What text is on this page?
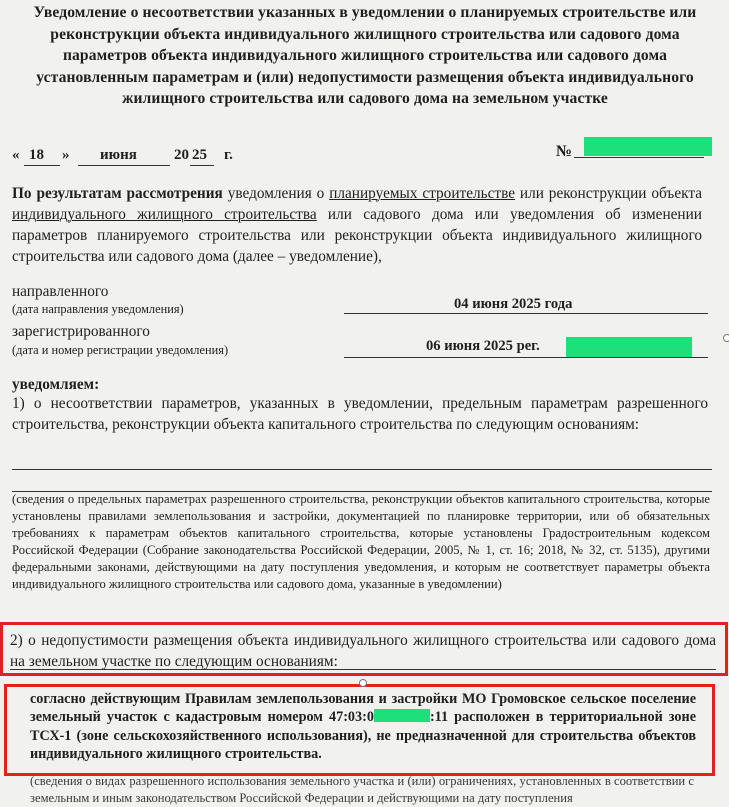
Уведомление о несоответствии указанных в уведомлении о планируемых строительстве или реконструкции объекта индивидуального жилищного строительства или садового дома параметров объекта индивидуального жилищного строительства или садового дома установленным параметрам и (или) недопустимости размещения объекта индивидуального жилищного строительства или садового дома на земельном участке
« 18 » июня 20 25 г.	№
По результатам рассмотрения уведомления о планируемых строительстве или реконструкции объекта индивидуального жилищного строительства или садового дома или уведомления об изменении параметров планируемого строительства или реконструкции объекта индивидуального жилищного строительства или садового дома (далее – уведомление),
направленного
(дата направления уведомления)	04 июня 2025 года
зарегистрированного
(дата и номер регистрации уведомления)	06 июня 2025 рег.
уведомляем:
1) о несоответствии параметров, указанных в уведомлении, предельным параметрам разрешенного строительства, реконструкции объекта капитального строительства по следующим основаниям:
(сведения о предельных параметрах разрешенного строительства, реконструкции объектов капитального строительства, которые установлены правилами землепользования и застройки, документацией по планировке территории, или об обязательных требованиях к параметрам объектов капитального строительства, которые установлены Градостроительным кодексом Российской Федерации (Собрание законодательства Российской Федерации, 2005, № 1, ст. 16; 2018, № 32, ст. 5135), другими федеральными законами, действующими на дату поступления уведомления, и которым не соответствует параметры объекта индивидуального жилищного строительства или садового дома, указанные в уведомлении)
2) о недопустимости размещения объекта индивидуального жилищного строительства или садового дома на земельном участке по следующим основаниям:
согласно действующим Правилам землепользования и застройки МО Громовское сельское поселение земельный участок с кадастровым номером 47:03:0	:11 расположен в территориальной зоне ТСХ-1 (зоне сельскохозяйственного использования), не предназначенной для строительства объектов индивидуального жилищного строительства.
(сведения о видах разрешенного использования земельного участка и (или) ограничениях, установленных в соответствии с земельным и иным законодательством Российской Федерации и действующими на дату поступления
